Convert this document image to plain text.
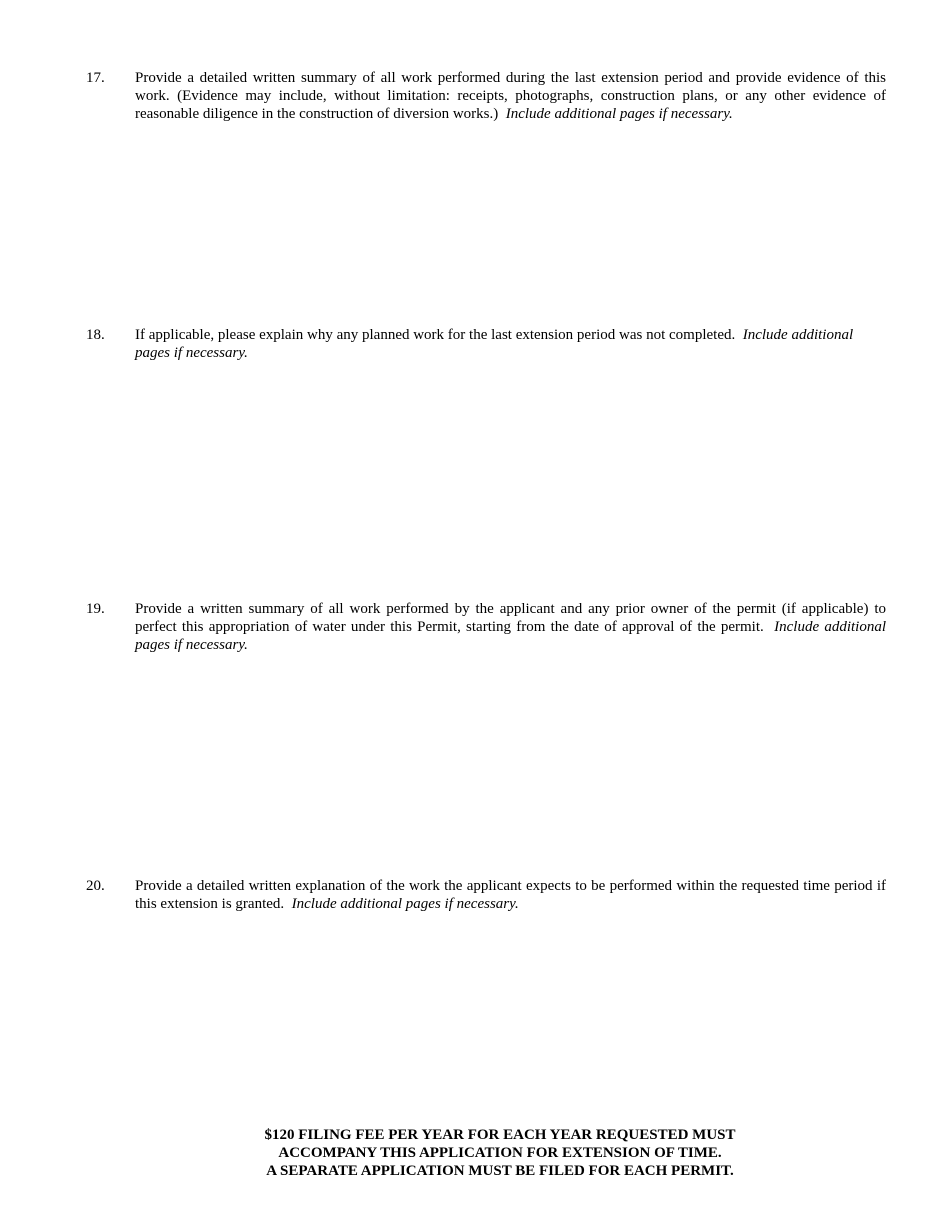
17.	Provide a detailed written summary of all work performed during the last extension period and provide evidence of this work. (Evidence may include, without limitation: receipts, photographs, construction plans, or any other evidence of reasonable diligence in the construction of diversion works.) Include additional pages if necessary.
18.	If applicable, please explain why any planned work for the last extension period was not completed. Include additional pages if necessary.
19.	Provide a written summary of all work performed by the applicant and any prior owner of the permit (if applicable) to perfect this appropriation of water under this Permit, starting from the date of approval of the permit. Include additional pages if necessary.
20.	Provide a detailed written explanation of the work the applicant expects to be performed within the requested time period if this extension is granted. Include additional pages if necessary.
$120 FILING FEE PER YEAR FOR EACH YEAR REQUESTED MUST
ACCOMPANY THIS APPLICATION FOR EXTENSION OF TIME.
A SEPARATE APPLICATION MUST BE FILED FOR EACH PERMIT.
